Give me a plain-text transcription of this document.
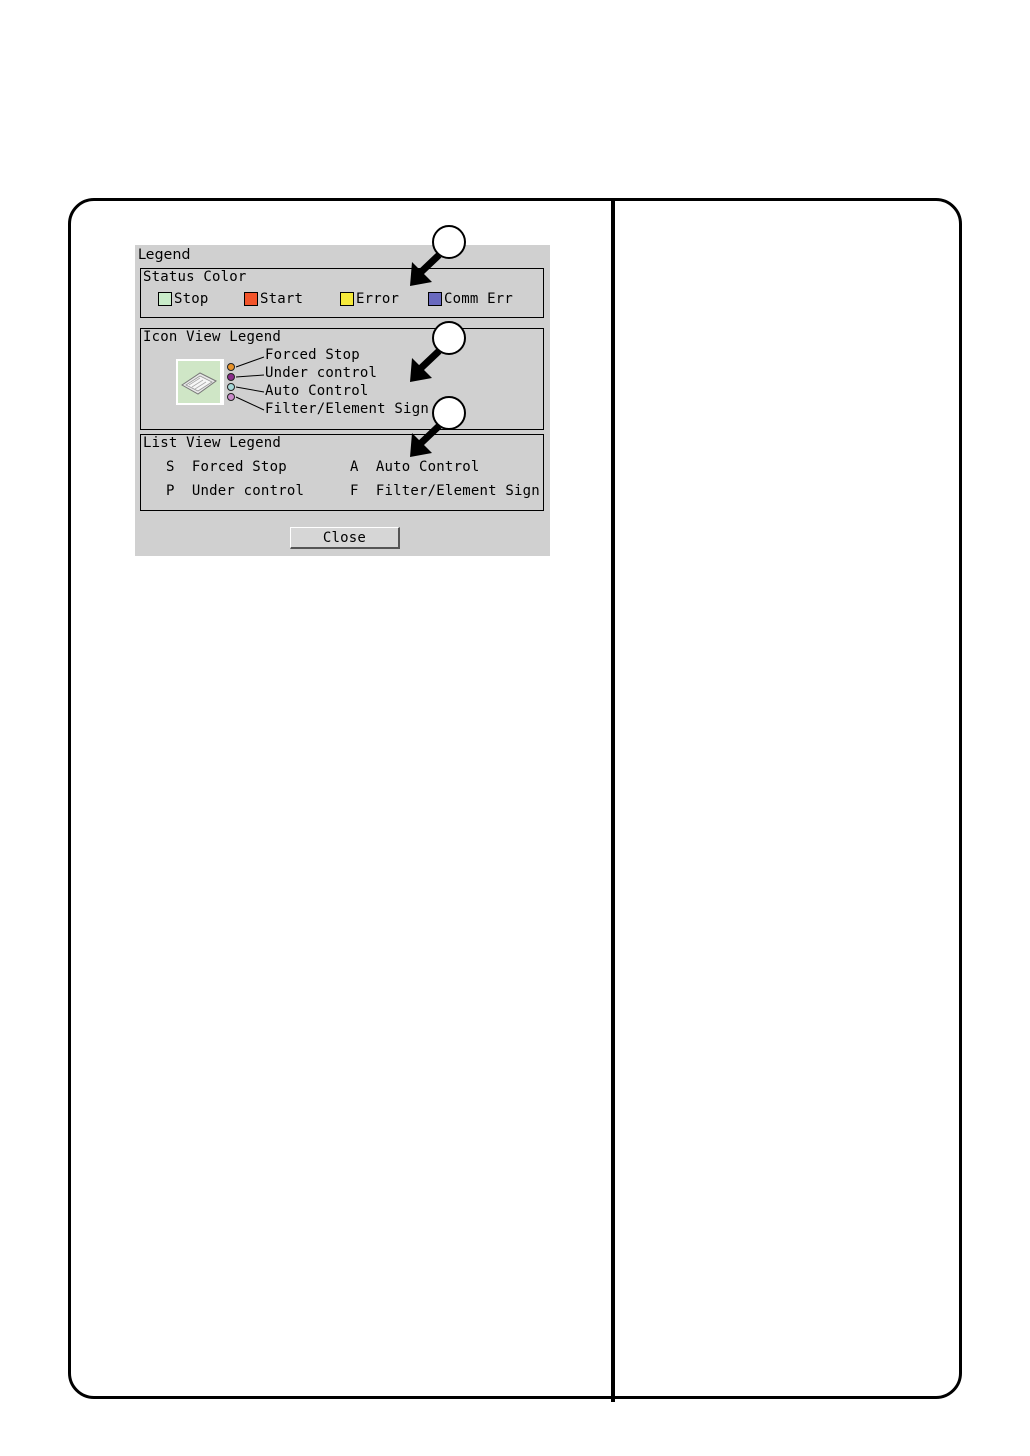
Legend
Status Color
Stop	Start	Error	Comm Err
Icon View Legend
Forced Stop
Under control
Auto Control
Filter/Element Sign
List View Legend
S Forced Stop	A Auto Control
P Under control	F Filter/Element Sign
Close
